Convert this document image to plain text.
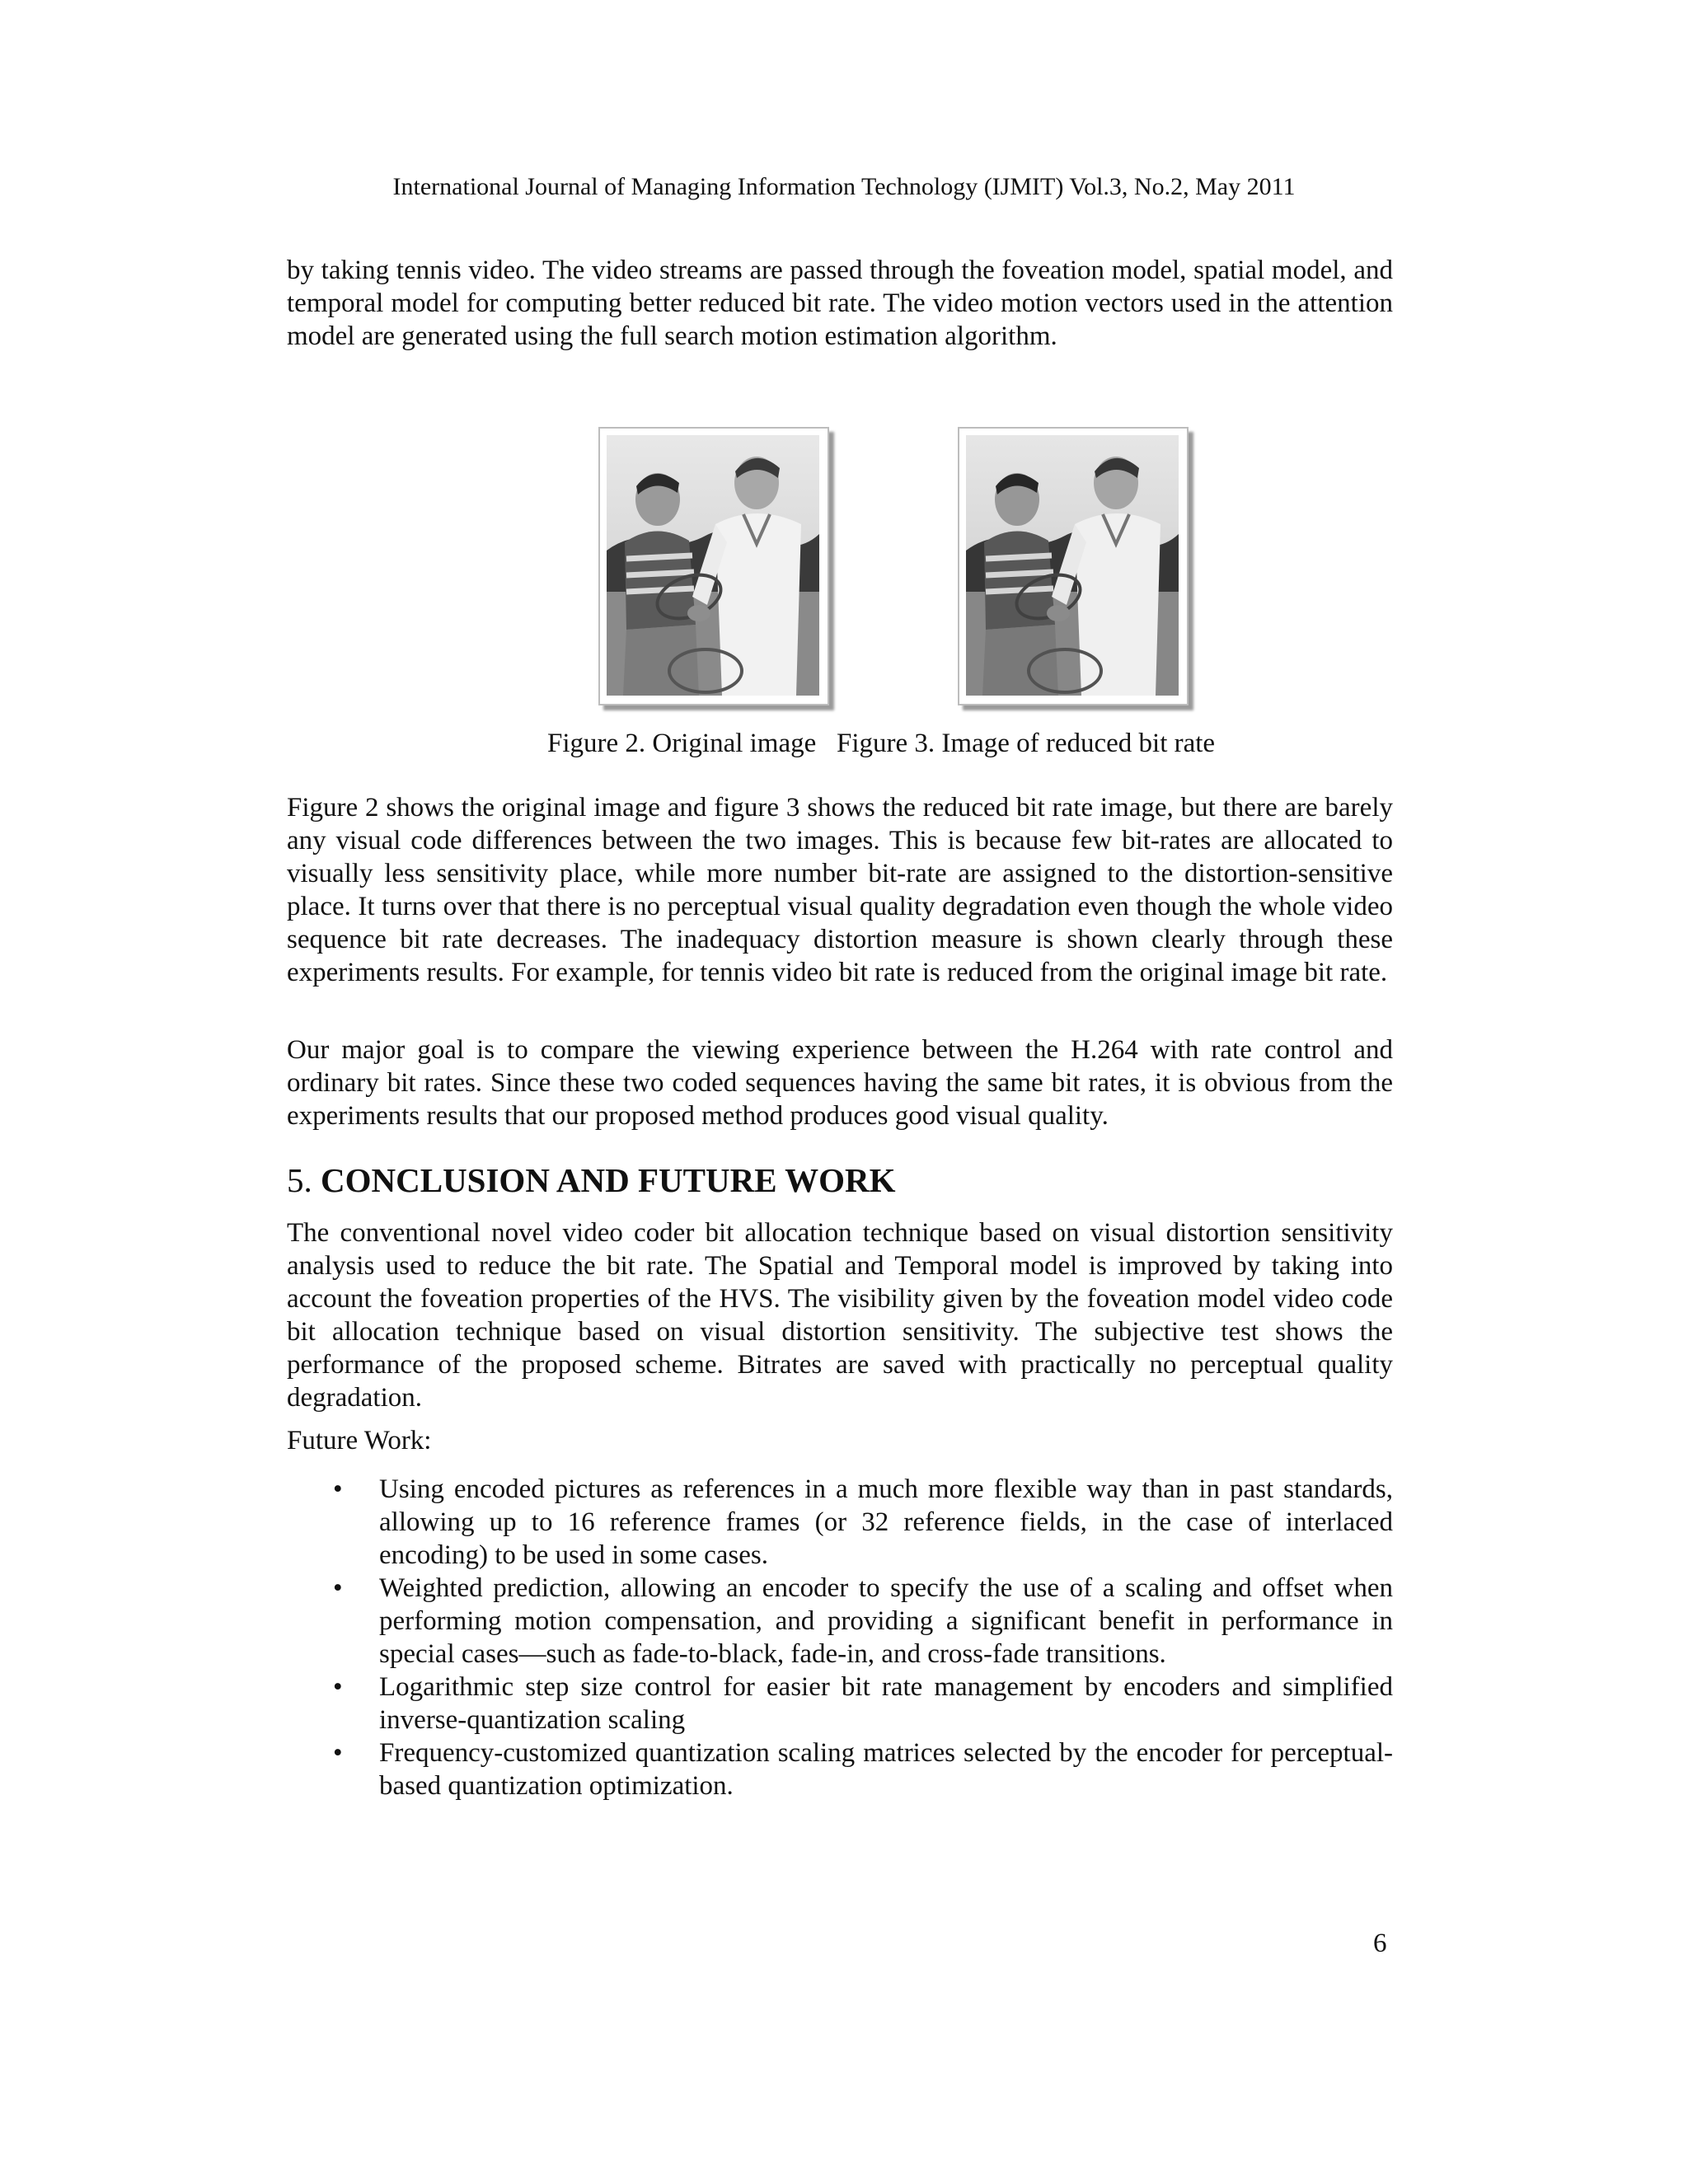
International Journal of Managing Information Technology (IJMIT) Vol.3, No.2, May 2011

by taking tennis video. The video streams are passed through the foveation model, spatial model, and temporal model for computing better reduced bit rate. The video motion vectors used in the attention model are generated using the full search motion estimation algorithm.

Figure 2. Original image Figure 3. Image of reduced bit rate

Figure 2 shows the original image and figure 3 shows the reduced bit rate image, but there are barely any visual code differences between the two images. This is because few bit-rates are allocated to visually less sensitivity place, while more number bit-rate are assigned to the distortion-sensitive place. It turns over that there is no perceptual visual quality degradation even though the whole video sequence bit rate decreases. The inadequacy distortion measure is shown clearly through these experiments results. For example, for tennis video bit rate is reduced from the original image bit rate.

Our major goal is to compare the viewing experience between the H.264 with rate control and ordinary bit rates. Since these two coded sequences having the same bit rates, it is obvious from the experiments results that our proposed method produces good visual quality.

5. CONCLUSION AND FUTURE WORK

The conventional novel video coder bit allocation technique based on visual distortion sensitivity analysis used to reduce the bit rate. The Spatial and Temporal model is improved by taking into account the foveation properties of the HVS. The visibility given by the foveation model video code bit allocation technique based on visual distortion sensitivity. The subjective test shows the performance of the proposed scheme. Bitrates are saved with practically no perceptual quality degradation.

Future Work:
• Using encoded pictures as references in a much more flexible way than in past standards, allowing up to 16 reference frames (or 32 reference fields, in the case of interlaced encoding) to be used in some cases.
• Weighted prediction, allowing an encoder to specify the use of a scaling and offset when performing motion compensation, and providing a significant benefit in performance in special cases—such as fade-to-black, fade-in, and cross-fade transitions.
• Logarithmic step size control for easier bit rate management by encoders and simplified inverse-quantization scaling
• Frequency-customized quantization scaling matrices selected by the encoder for perceptual-based quantization optimization.
6
